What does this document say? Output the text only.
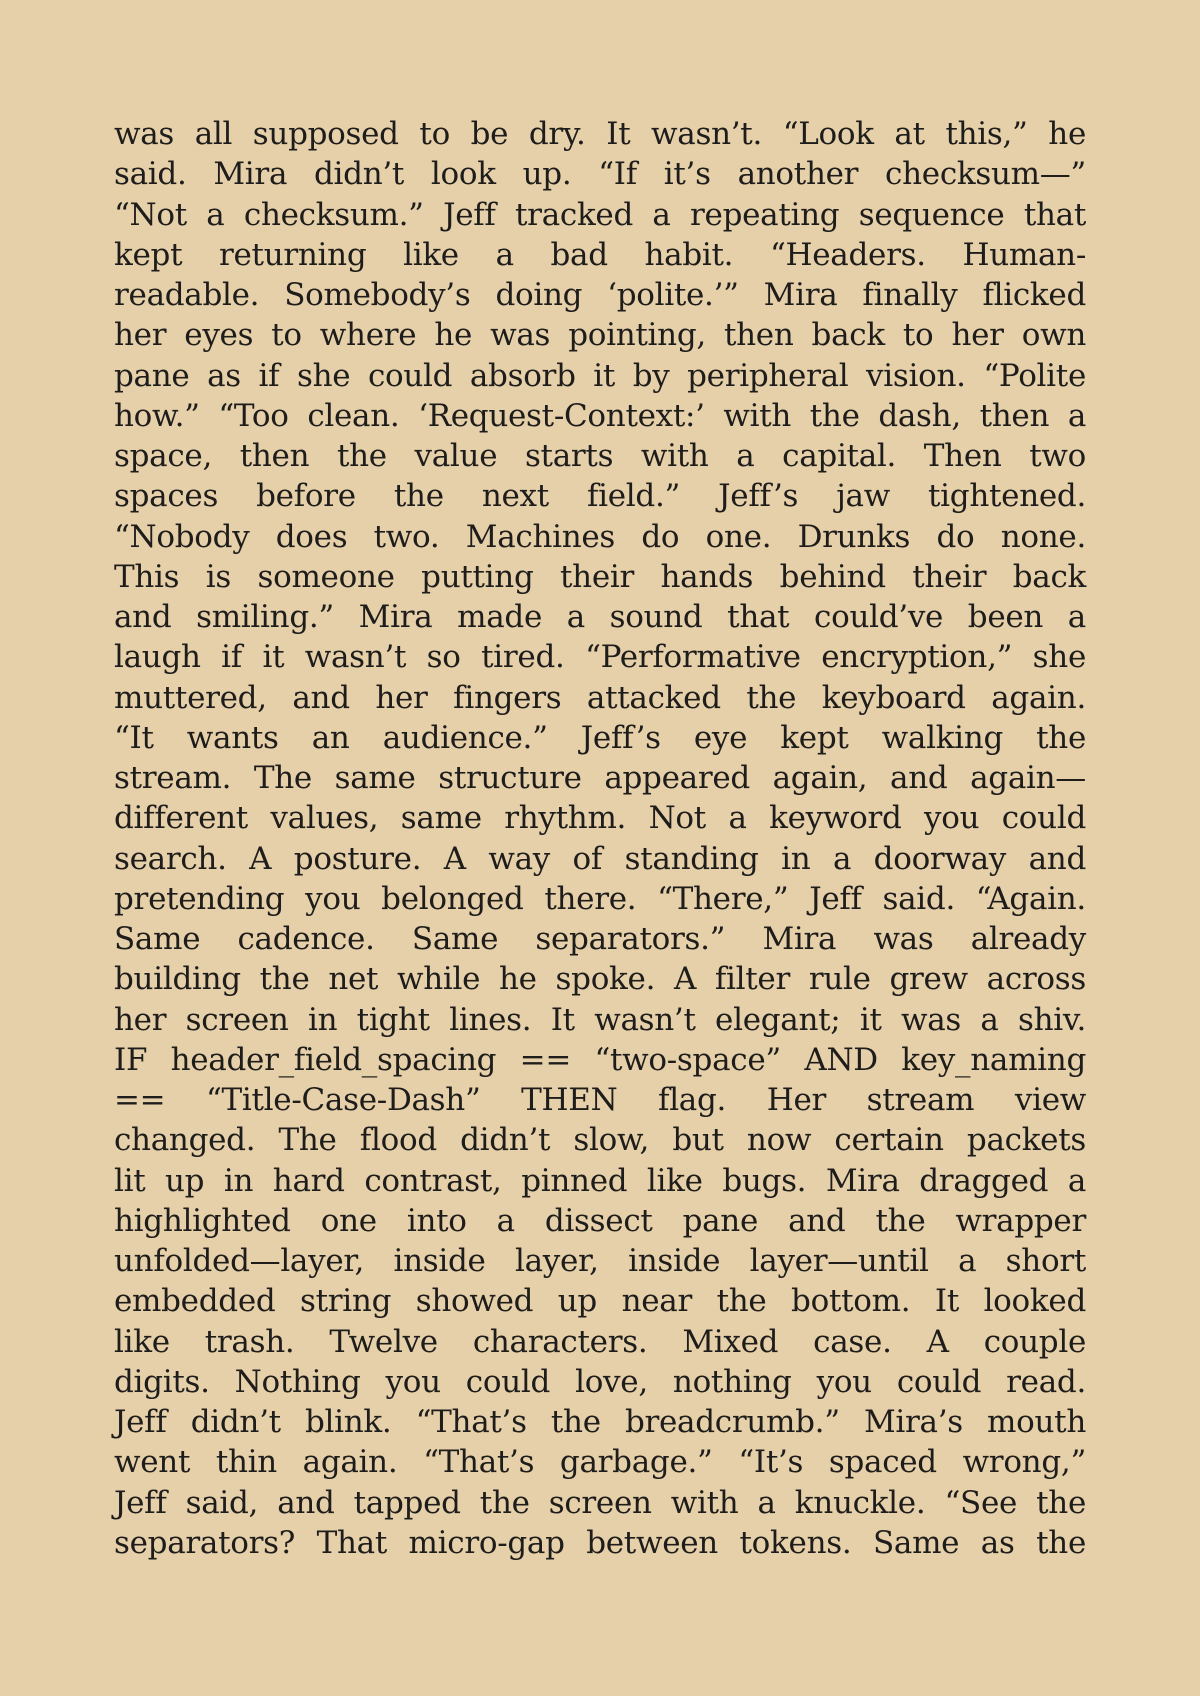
was all supposed to be dry. It wasn’t. “Look at this,” he
said. Mira didn’t look up. “If it’s another checksum—”
“Not a checksum.” Jeff tracked a repeating sequence that
kept returning like a bad habit. “Headers. Human-
readable. Somebody’s doing ‘polite.’” Mira finally flicked
her eyes to where he was pointing, then back to her own
pane as if she could absorb it by peripheral vision. “Polite
how.” “Too clean. ‘Request-Context:’ with the dash, then a
space, then the value starts with a capital. Then two
spaces before the next field.” Jeff’s jaw tightened.
“Nobody does two. Machines do one. Drunks do none.
This is someone putting their hands behind their back
and smiling.” Mira made a sound that could’ve been a
laugh if it wasn’t so tired. “Performative encryption,” she
muttered, and her fingers attacked the keyboard again.
“It wants an audience.” Jeff’s eye kept walking the
stream. The same structure appeared again, and again—
different values, same rhythm. Not a keyword you could
search. A posture. A way of standing in a doorway and
pretending you belonged there. “There,” Jeff said. “Again.
Same cadence. Same separators.” Mira was already
building the net while he spoke. A filter rule grew across
her screen in tight lines. It wasn’t elegant; it was a shiv.
IF header_field_spacing == “two-space” AND key_naming
== “Title-Case-Dash” THEN flag. Her stream view
changed. The flood didn’t slow, but now certain packets
lit up in hard contrast, pinned like bugs. Mira dragged a
highlighted one into a dissect pane and the wrapper
unfolded—layer, inside layer, inside layer—until a short
embedded string showed up near the bottom. It looked
like trash. Twelve characters. Mixed case. A couple
digits. Nothing you could love, nothing you could read.
Jeff didn’t blink. “That’s the breadcrumb.” Mira’s mouth
went thin again. “That’s garbage.” “It’s spaced wrong,”
Jeff said, and tapped the screen with a knuckle. “See the
separators? That micro-gap between tokens. Same as the
